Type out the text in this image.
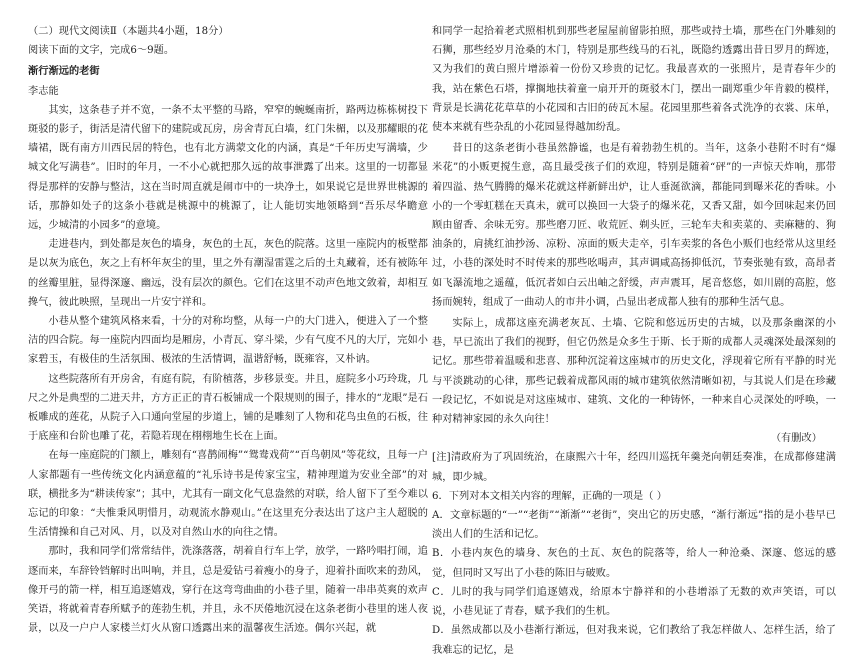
（二）现代文阅读Ⅱ（本题共4小题，18分）

阅读下面的文字，完成6～9题。

渐行渐远的老街

李志能

其实，这条巷子并不宽，一条不太平整的马路，窄窄的蜿蜒南折，路两边栋栋树投下斑驳的影子，街活是清代留下的建院或瓦房，房舍青瓦白墙，红门朱楣，以及那耀眼的花墙裙，既有南方川西民居的特色，也有北方满蒙文化的内涵，真是“千年历史写满墙，少城文化写满巷”。旧时的年月，一不小心就把那久远的故事泄露了出来。这里的一切都显得是那样的安静与整洁，这在当时周直就是闹市中的一块净土，如果说它是世界世桃源的话，那静如处子的这条小巷就是桃源中的桃源了，让人能切实地领略到“吾乐尽华瞻意远，少城清的小园多”的意境。

走进巷内，到处都是灰色的墙身，灰色的土瓦，灰色的院落。这里一座院内的板壁都是以灰为底色，灰之上有杯年灰尘的里，里之外有潮湿雷霆之后的土丸藏着，还有被陈年的丝瓣里脏，显得深邃、幽远，没有层次的颜色。它们在这里不动声色地文敛着，却相互搀气，彼此映照，呈现出一片安宁祥和。

小巷从整个建筑风格来看，十分的对称均整，从每一户的大门进入，便进入了一个整洁的四合院。每一座院内四面均是厢房，小青瓦、穿斗梁，少有气度不凡的大厅，完如小家碧玉，有极佳的生活氛围、极浓的生活情调，温谐舒畅，既雍容，又朴讷。

这些院落所有开房舍，有庭有院，有阶植落，步移景变。井且，庭院多小巧玲珑，几尺之外是典型的二进天井，方方正正的青石板铺成一个限规则的围子，排水的“龙眼”是石板雕成的莲花，从院子入口通向堂屋的步道上，铺的是雕刻了人物和花鸟虫鱼的石板，往于底座和台阶也雕了花，若隐若现在栩栩地生长在上面。

在每一座庭院的门额上，雕刻有“喜鹊闹梅”“鸳鸯戏荷”“百鸟朝凤”等花纹，且每一户人家都题有一些传统文化内涵意蕴的“礼乐诗书是传家宝宝，精神理道为安业全部”的对联，横批多为“耕读传家”；其中，尤其有一副文化气息盎然的对联，给人留下了至今难以忘记的印象：“夫惟秉风明惜月，动观流水静观山。”在这里充分表达出了这户主人超脱的生活情操和自己对风、月，以及对自然山水的向往之情。

那时，我和同学们常常结伴，洗涤落落，胡着自行车上学，放学，一路吟唱打闹，追逐而来，车辞铃铛解时出叫响，并且，总是爱钻弓着瘦小的身子，迎着扑面吹来的劲风，像开弓的箭一样，相互追逐嬉戏，穿行在这弯弯曲曲的小巷子里，随着一串串英爽的欢声笑语，将就着青春所赋予的莲勃生机，并且，永不厌倦地沉浸在这条老街小巷里的迷人夜景，以及一户户人家楼兰灯火从窗口透露出来的温馨夜生活迹。偶尔兴起，就

和同学一起拾着老式照相机到那些老屋屋前留影拍照，那些或持土墙，那些在门外雕刻的石狮，那些经岁月沧桑的木门，特别是那些线马的石礼，既隐约透露出昔日罗月的辉迹，又为我们的黄白照片增添着一份份又珍贵的记忆。我最喜欢的一张照片，是青春年少的我，站在紫色石塔，撑搁地扶着童一扇开开的斑驳木门，摆出一副郑重少年肯毅的模样，背景是长满花花草草的小花园和古旧的砖瓦木屋。花园里那些着各式洗净的衣裳、床单，使本来就有些杂乱的小花园显得越加纷乱。

昔日的这条老街小巷虽然静谧，也是有着勃勃生机的。当年，这条小巷附不时有“爆米花”的小贩更搅生意，高且最受孩子们的欢迎，特别是随着“砰”的一声惊天炸响，那带着四溢、热气腾腾的爆米花就这样新鲜出炉，让人垂涎欲滴，都能同到曝米花的香味。小小的一个零虹糕在天真未，就可以换回一大袋子的爆米花，又香又甜，如今回味起来仍回顾由留香、余味无穷。那些磨刀匠、收荒匠、剃头匠，三轮车夫和卖菜的、卖麻糖的、狗油条的，肩挑红油抄汤、凉粉、凉面的贩夫走卒，引车卖浆的各色小贩们也经常从这里经过，小巷的深处时不时传来的那些吆喝声，其声调咸高扬抑低沉，节奏张驰有致，高昂者如飞瀑流地之遥蕴，低沉者如白云出岫之舒缓，声声震耳，尾音悠悠，如川剧的高腔，悠扬而婉转，组成了一曲动人的市井小调，凸显出老成都人独有的那种生活气息。

实际上，成都这座充满老灰瓦、土墙、它院和悠远历史的古城，以及那条幽深的小巷，早已流出了我们的视野，但它仍然是众多生于斯、长于斯的成都人灵魂深处最深刻的记忆。那些带着温暖和悲喜、那种沉淀着这座城市的历史文化，浮现着它所有平静的时光与平淡跳动的心律，那些记载着成都风雨的城市建筑依然清晰如初，与其说人们是在珍藏一段记忆，不如说是对这座城市、建筑、文化的一种铸怀，一种来自心灵深处的呼唤，一种对精神家园的永久向往！

（有删改）

[注]清政府为了巩固统治，在康熙六十年，经四川巡抚年羹尧向朝廷奏准，在成都修建满城，即少城。

6．下列对本文相关内容的理解，正确的一项是（ ）

A．文章标题的“一”“老街”“渐渐”“老街”，突出它的历史感，“渐行渐远”指的是小巷早已淡出人们的生活和记忆。

B．小巷内灰色的墙身、灰色的土瓦、灰色的院落等，给人一种沧桑、深邃、悠远的感觉，但同时又写出了小巷的陈旧与破败。

C．儿时的我与同学们追逐嬉戏，给原本宁静祥和的小巷增添了无数的欢声笑语，可以说，小巷见证了青春，赋予我们的生机。

D．虽然成都以及小巷渐行渐远，但对我来说，它们教给了我怎样做人、怎样生活，给了我难忘的记忆，是
